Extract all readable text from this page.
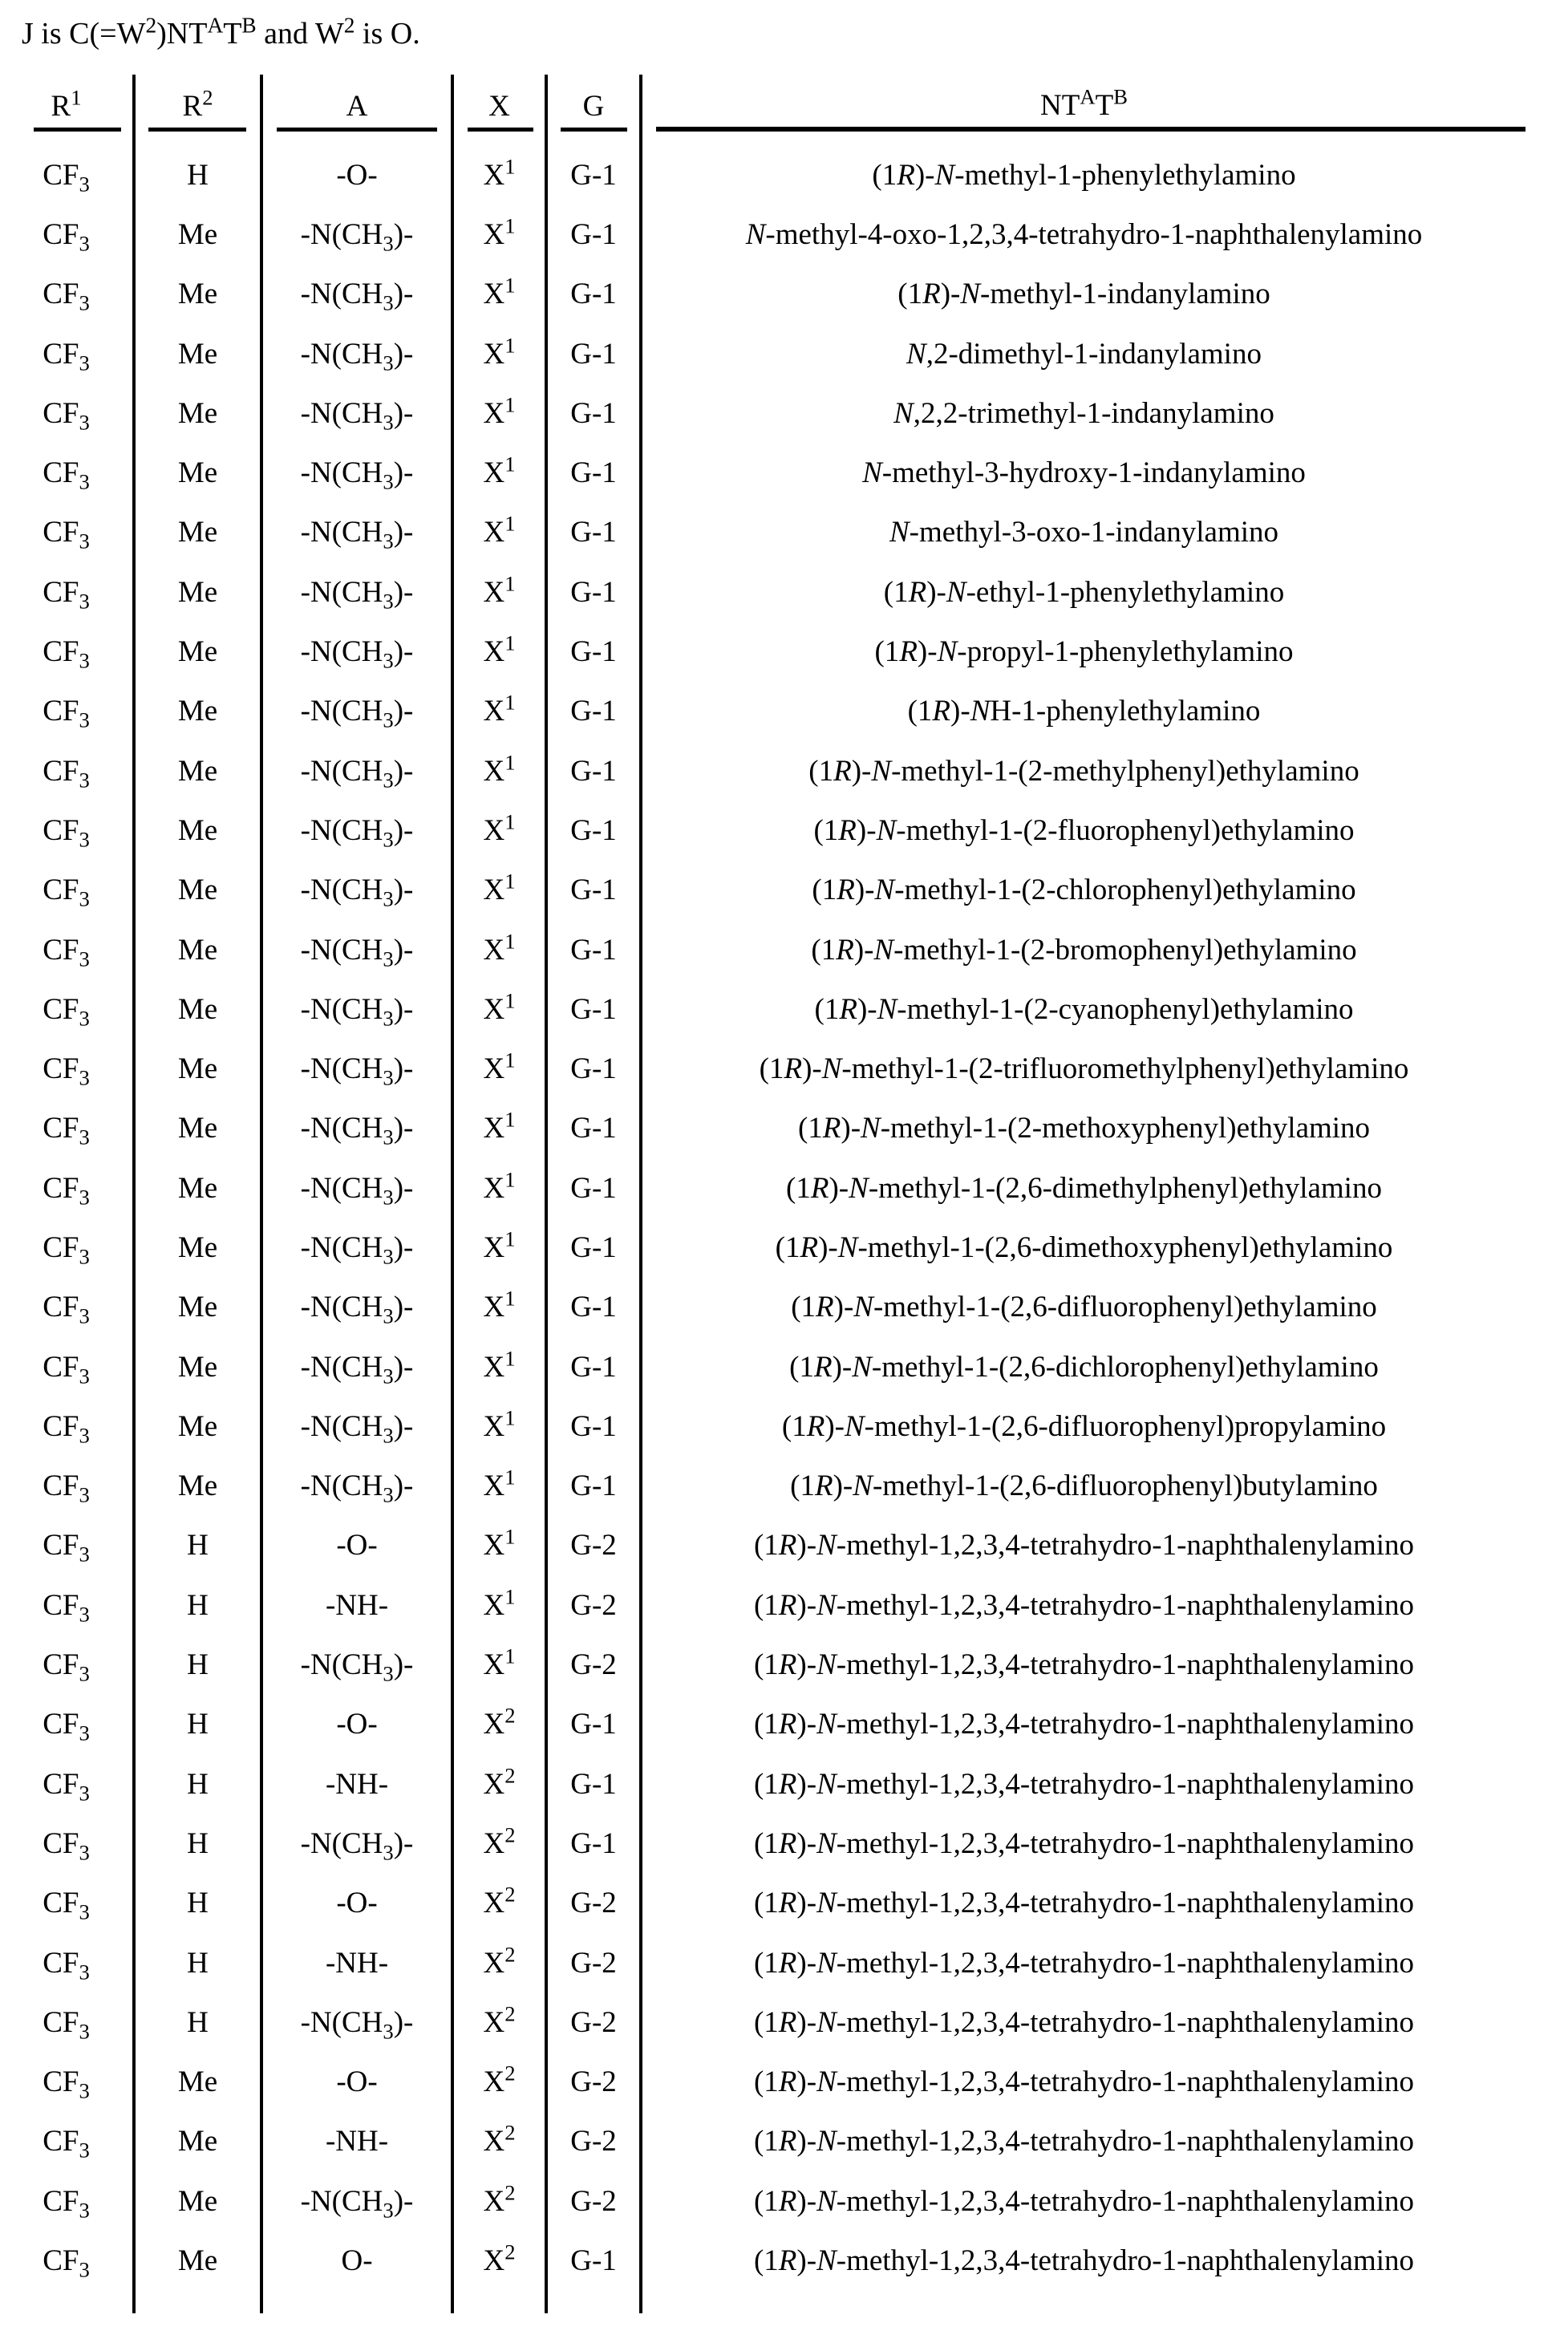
J is $C(=W^2)NT^AT^B$ and $W^2$ is O.
$R^1$	$R^2$	A	X	G	$NT^AT^B$

$CF_3$	H	-O-	$X^1$	G-1	(1R)-N-methyl-1-phenylethylamino
$CF_3$	Me	$-N(CH_3)-$	$X^1$	G-1	N-methyl-4-oxo-1,2,3,4-tetrahydro-1-naphthalenylamino
$CF_3$	Me	$-N(CH_3)-$	$X^1$	G-1	(1R)-N-methyl-1-indanylamino
$CF_3$	Me	$-N(CH_3)-$	$X^1$	G-1	N,2-dimethyl-1-indanylamino
$CF_3$	Me	$-N(CH_3)-$	$X^1$	G-1	N,2,2-trimethyl-1-indanylamino
$CF_3$	Me	$-N(CH_3)-$	$X^1$	G-1	N-methyl-3-hydroxy-1-indanylamino
$CF_3$	Me	$-N(CH_3)-$	$X^1$	G-1	N-methyl-3-oxo-1-indanylamino
$CF_3$	Me	$-N(CH_3)-$	$X^1$	G-1	(1R)-N-ethyl-1-phenylethylamino
$CF_3$	Me	$-N(CH_3)-$	$X^1$	G-1	(1R)-N-propyl-1-phenylethylamino
$CF_3$	Me	$-N(CH_3)-$	$X^1$	G-1	(1R)-NH-1-phenylethylamino
$CF_3$	Me	$-N(CH_3)-$	$X^1$	G-1	(1R)-N-methyl-1-(2-methylphenyl)ethylamino
$CF_3$	Me	$-N(CH_3)-$	$X^1$	G-1	(1R)-N-methyl-1-(2-fluorophenyl)ethylamino
$CF_3$	Me	$-N(CH_3)-$	$X^1$	G-1	(1R)-N-methyl-1-(2-chlorophenyl)ethylamino
$CF_3$	Me	$-N(CH_3)-$	$X^1$	G-1	(1R)-N-methyl-1-(2-bromophenyl)ethylamino
$CF_3$	Me	$-N(CH_3)-$	$X^1$	G-1	(1R)-N-methyl-1-(2-cyanophenyl)ethylamino
$CF_3$	Me	$-N(CH_3)-$	$X^1$	G-1	(1R)-N-methyl-1-(2-trifluoromethylphenyl)ethylamino
$CF_3$	Me	$-N(CH_3)-$	$X^1$	G-1	(1R)-N-methyl-1-(2-methoxyphenyl)ethylamino
$CF_3$	Me	$-N(CH_3)-$	$X^1$	G-1	(1R)-N-methyl-1-(2,6-dimethylphenyl)ethylamino
$CF_3$	Me	$-N(CH_3)-$	$X^1$	G-1	(1R)-N-methyl-1-(2,6-dimethoxyphenyl)ethylamino
$CF_3$	Me	$-N(CH_3)-$	$X^1$	G-1	(1R)-N-methyl-1-(2,6-difluorophenyl)ethylamino
$CF_3$	Me	$-N(CH_3)-$	$X^1$	G-1	(1R)-N-methyl-1-(2,6-dichlorophenyl)ethylamino
$CF_3$	Me	$-N(CH_3)-$	$X^1$	G-1	(1R)-N-methyl-1-(2,6-difluorophenyl)propylamino
$CF_3$	Me	$-N(CH_3)-$	$X^1$	G-1	(1R)-N-methyl-1-(2,6-difluorophenyl)butylamino
$CF_3$	H	-O-	$X^1$	G-2	(1R)-N-methyl-1,2,3,4-tetrahydro-1-naphthalenylamino
$CF_3$	H	-NH-	$X^1$	G-2	(1R)-N-methyl-1,2,3,4-tetrahydro-1-naphthalenylamino
$CF_3$	H	$-N(CH_3)-$	$X^1$	G-2	(1R)-N-methyl-1,2,3,4-tetrahydro-1-naphthalenylamino
$CF_3$	H	-O-	$X^2$	G-1	(1R)-N-methyl-1,2,3,4-tetrahydro-1-naphthalenylamino
$CF_3$	H	-NH-	$X^2$	G-1	(1R)-N-methyl-1,2,3,4-tetrahydro-1-naphthalenylamino
$CF_3$	H	$-N(CH_3)-$	$X^2$	G-1	(1R)-N-methyl-1,2,3,4-tetrahydro-1-naphthalenylamino
$CF_3$	H	-O-	$X^2$	G-2	(1R)-N-methyl-1,2,3,4-tetrahydro-1-naphthalenylamino
$CF_3$	H	-NH-	$X^2$	G-2	(1R)-N-methyl-1,2,3,4-tetrahydro-1-naphthalenylamino
$CF_3$	H	$-N(CH_3)-$	$X^2$	G-2	(1R)-N-methyl-1,2,3,4-tetrahydro-1-naphthalenylamino
$CF_3$	Me	-O-	$X^2$	G-2	(1R)-N-methyl-1,2,3,4-tetrahydro-1-naphthalenylamino
$CF_3$	Me	-NH-	$X^2$	G-2	(1R)-N-methyl-1,2,3,4-tetrahydro-1-naphthalenylamino
$CF_3$	Me	$-N(CH_3)-$	$X^2$	G-2	(1R)-N-methyl-1,2,3,4-tetrahydro-1-naphthalenylamino
$CF_3$	Me	O-	$X^2$	G-1	(1R)-N-methyl-1,2,3,4-tetrahydro-1-naphthalenylamino
